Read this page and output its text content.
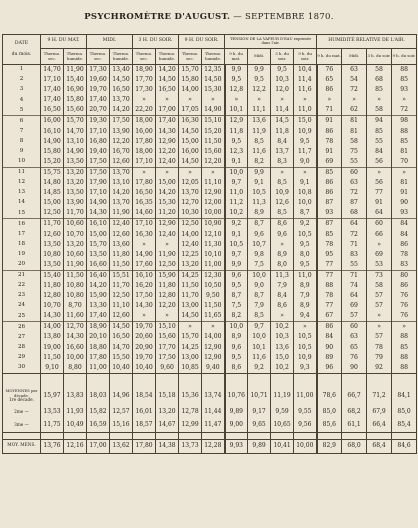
PSYCHROMÈTRE D'AUGUST. — SEPTEMBRE 1870.
DATE
du mois.	9 H. DU MAT.		MIDI.		3 H. DU SOIR.		9 H. DU SOIR.		TENSION DE LA VAPEUR D'EAU exprimée dans l'air.				HUMIDITÉ RELATIVE DE L'AIR.			
	Thermo. sec.	Thermo. humide.	Thermo. sec.	Thermo. humide.	Thermo. sec.	Thermo. humide.	Thermo. sec.	Thermo. humide.	9 h. du mat.	Midi.	3 h. du soir.	9 h. du soir.	9 h. du mat.	Midi.	3 h. du soir.	9 h. du soir.
1	14,70	11,90	17,30	13,40	18,90	14,20	15,70	12,35	9,9	9,9	9,5	10,4	76	63	58	88
2	17,10	15,40	19,60	14,50	17,70	14,50	15,80	14,50	9,5	9,5	10,3	11,4	65	54	68	85
3	17,40	16,90	19,70	16,50	17,30	16,50	14,00	15,30	12,8	12,2	12,0	11,6	86	72	85	93
4	17,40	15,80	17,40	13,70	»	»	»	»	»	»	»	»	»	»	»	»
5	16,50	15,60	20,70	14,20	22,20	17,00	17,05	14,90	10,1	11,1	11,4	11,0	71	62	58	72
6	16,00	15,70	19,30	17,50	18,00	17,40	16,30	15,10	12,9	13,6	14,5	15,0	91	81	94	98
7	16,10	14,70	17,10	13,90	16,00	14,30	14,50	15,20	11,8	11,9	11,8	10,9	86	81	85	88
8	14,90	13,10	16,80	12,20	17,80	12,90	15,00	11,50	9,5	8,5	8,4	9,5	78	58	55	85
9	15,80	14,90	19,40	16,70	18,00	12,20	16,00	15,60	12,3	11,6	13,7	11,7	91	75	84	81
10	15,20	13,50	17,50	12,60	17,10	12,40	14,50	12,20	9,1	8,2	8,3	9,0	69	55	56	70
11	15,75	13,20	17,50	13,70	»	»	»	»	10,0	9,9	»	»	85	60	»	»
12	14,80	13,20	17,90	13,10	17,80	15,00	12,05	11,10	9,7	9,1	8,5	9,1	86	63	56	81
13	14,85	13,50	17,10	14,20	16,50	14,20	13,70	12,90	11,0	10,5	10,9	10,8	86	72	77	91
14	15,00	13,90	14,90	13,70	16,35	15,30	12,70	12,00	11,2	11,3	12,6	10,0	87	87	91	90
15	12,50	11,70	14,30	11,90	14,60	11,20	10,30	10,00	10,2	8,9	8,5	8,7	93	68	64	93
16	11,70	10,60	16,10	12,40	17,10	12,90	12,50	10,90	9,2	8,7	8,6	9,2	87	64	60	84
17	12,60	10,70	15,00	12,60	16,30	12,40	14,00	12,10	9,1	9,6	9,6	10,5	85	72	66	84
18	13,50	13,20	15,70	13,60	»	»	12,40	11,30	10,5	10,7	»	9,5	78	71	»	86
19	10,80	10,60	13,50	11,80	14,90	11,90	12,25	10,10	9,7	9,8	8,9	8,0	95	83	69	78
20	13,50	11,90	16,60	11,50	17,60	12,50	13,20	11,00	9,9	7,5	8,0	9,5	77	55	53	83
21	15,40	11,50	16,40	15,51	16,10	15,90	14,25	12,30	9,6	10,0	11,3	11,0	77	71	73	80
22	11,80	10,80	14,20	11,70	16,20	11,80	11,50	10,50	9,5	9,0	7,9	8,9	88	74	58	86
23	12,80	10,80	15,90	12,50	17,50	12,80	11,70	9,50	8,7	8,7	8,4	7,9	78	64	57	76
24	10,70	8,70	13,30	11,10	14,30	12,20	13,00	11,50	7,5	7,9	8,6	8,9	77	69	57	76
25	14,30	11,60	17,40	12,60	»	»	14,50	11,65	8,2	8,5	»	9,4	67	57	»	76
26	14,00	12,70	18,90	14,50	19,70	15,10	»	»	10,0	9,7	10,2	»	86	60	»	»
27	13,80	14,30	20,10	16,50	20,60	15,60	15,70	14,00	8,9	10,0	10,3	10,5	84	63	57	88
28	19,00	16,60	18,80	14,70	20,90	17,70	14,25	12,90	9,6	10,1	13,6	10,5	90	65	78	85
29	11,50	10,00	17,80	15,50	19,70	17,50	13,00	12,90	9,5	11,6	15,0	10,9	89	76	79	88
30	9,10	8,80	11,00	10,40	10,40	9,60	10,85	9,40	8,6	9,2	10,2	9,3	96	90	92	88

MOYENNES par décade.
1re décade.	15,97	13,83	18,03	14,96	18,54	15,18	15,36	13,74	10,76	10,71	11,19	11,00	78,6	66,7	71,2	84,1

2me —	13,53	11,93	15,82	12,57	16,01	13,20	12,78	11,44	9,89	9,17	9,59	9,55	85,0	68,2	67,9	85,0

3me —	11,75	10,49	16,59	15,16	18,57	14,67	12,99	11,47	9,00	9,65	10,65	9,56	85,6	61,1	66,4	85,4

MOY. MENS.	13,76	12,16	17,00	13,62	17,80	14,38	13,73	12,28	9,93	9,89	10,41	10,00	82,9	68,0	68,4	84,6
